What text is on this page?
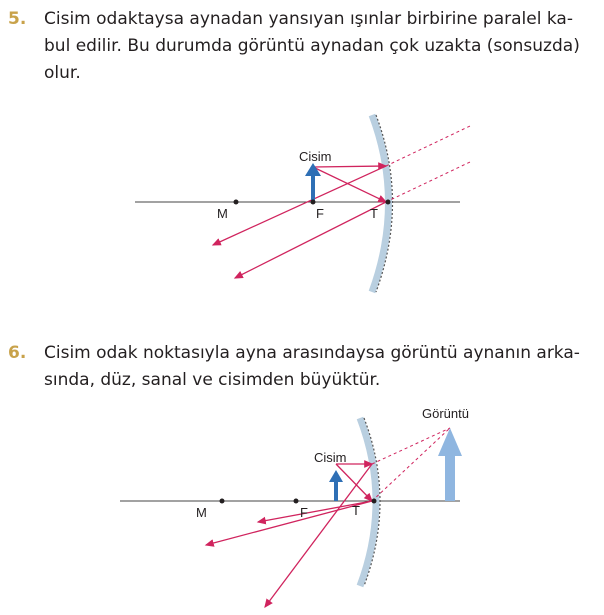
5. Cisim odaktaysa aynadan yansıyan ışınlar birbirine paralel ka-
bul edilir. Bu durumda görüntü aynadan çok uzakta (sonsuzda)
olur.
Cisim
M	F	T
6. Cisim odak noktasıyla ayna arasındaysa görüntü aynanın arka-
sında, düz, sanal ve cisimden büyüktür.
Görüntü
Cisim
M	F	T
